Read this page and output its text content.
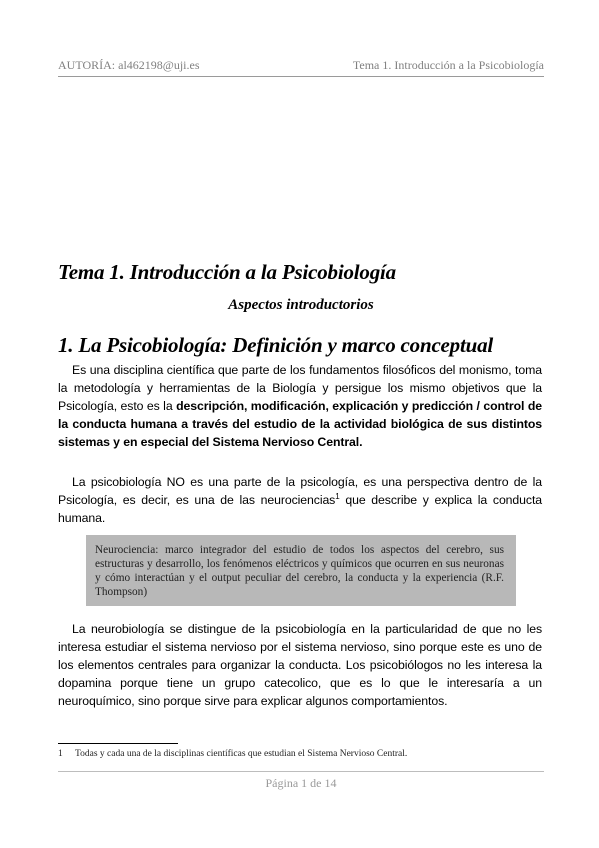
AUTORÍA: al462198@uji.es	Tema 1. Introducción a la Psicobiología
Tema 1. Introducción a la Psicobiología
Aspectos introductorios
1. La Psicobiología: Definición y marco conceptual

Es una disciplina científica que parte de los fundamentos filosóficos del monismo, toma la metodología y herramientas de la Biología y persigue los mismo objetivos que la Psicología, esto es la descripción, modificación, explicación y predicción / control de la conducta humana a través del estudio de la actividad biológica de sus distintos sistemas y en especial del Sistema Nervioso Central.

La psicobiología NO es una parte de la psicología, es una perspectiva dentro de la Psicología, es decir, es una de las neurociencias$^1$ que describe y explica la conducta humana.

Neurociencia: marco integrador del estudio de todos los aspectos del cerebro, sus estructuras y desarrollo, los fenómenos eléctricos y químicos que ocurren en sus neuronas y cómo interactúan y el output peculiar del cerebro, la conducta y la experiencia (R.F. Thompson)

La neurobiología se distingue de la psicobiología en la particularidad de que no les interesa estudiar el sistema nervioso por el sistema nervioso, sino porque este es uno de los elementos centrales para organizar la conducta. Los psicobiólogos no les interesa la dopamina porque tiene un grupo catecolico, que es lo que le interesaría a un neuroquímico, sino porque sirve para explicar algunos comportamientos.

1 Todas y cada una de la disciplinas científicas que estudian el Sistema Nervioso Central.
Página 1 de 14
